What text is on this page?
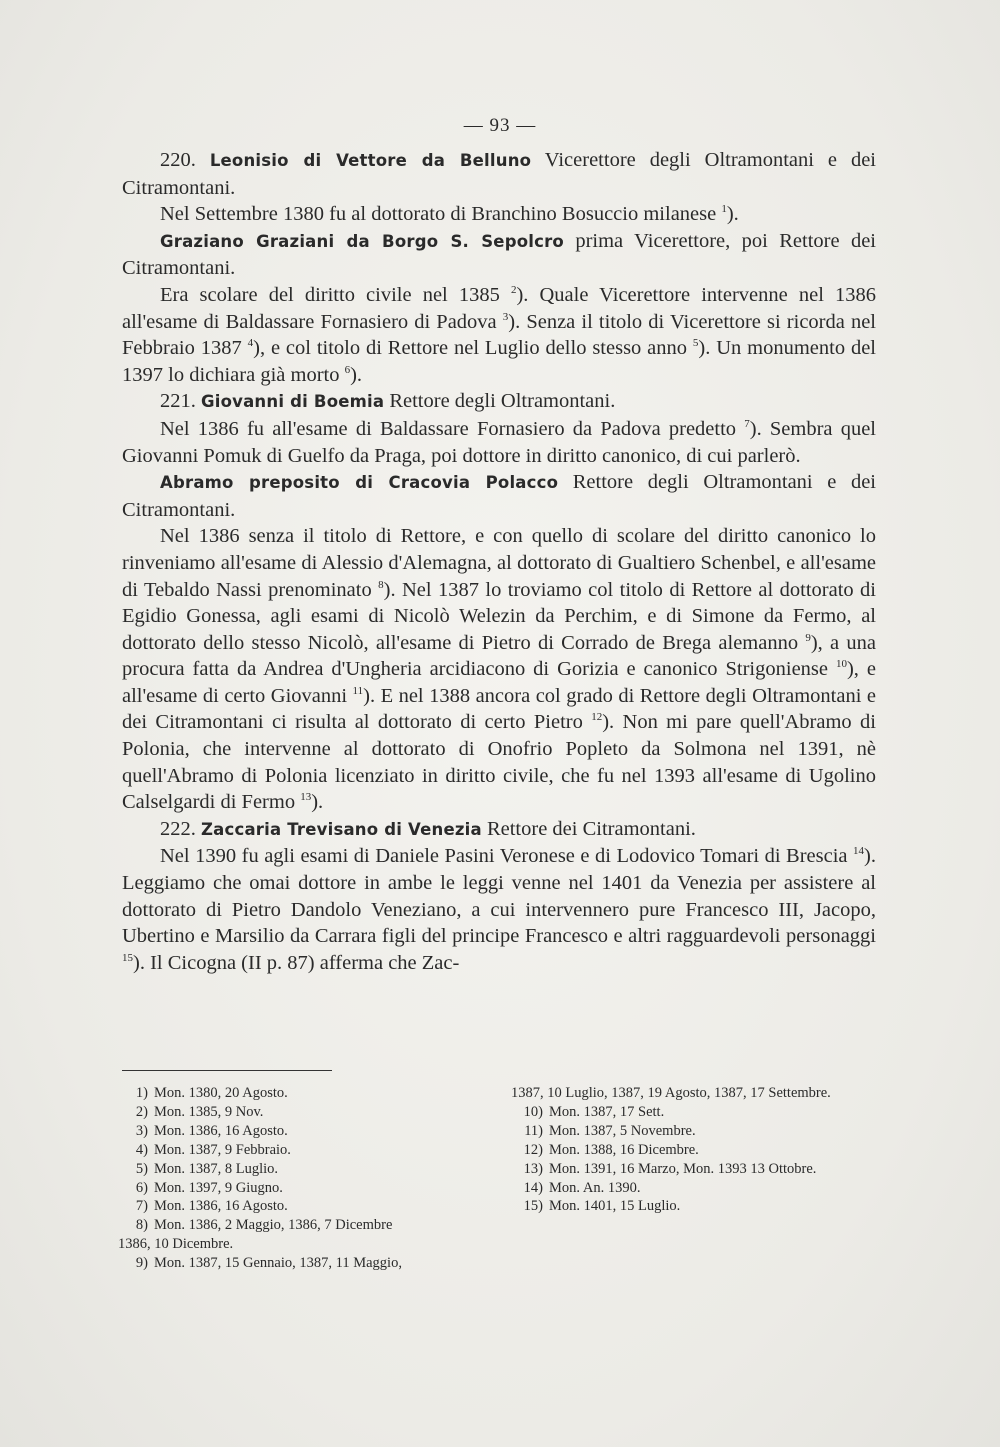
— 93 —

220. Leonisio di Vettore da Belluno Vicerettore degli Oltramontani e dei Citramontani.

Nel Settembre 1380 fu al dottorato di Branchino Bosuccio milanese $^1$).

Graziano Graziani da Borgo S. Sepolcro prima Vicerettore, poi Rettore dei Citramontani.

Era scolare del diritto civile nel 1385 $^2$). Quale Vicerettore intervenne nel 1386 all'esame di Baldassare Fornasiero di Padova $^3$). Senza il titolo di Vicerettore si ricorda nel Febbraio 1387 $^4$), e col titolo di Rettore nel Luglio dello stesso anno $^5$). Un monumento del 1397 lo dichiara già morto $^6$).

221. Giovanni di Boemia Rettore degli Oltramontani.

Nel 1386 fu all'esame di Baldassare Fornasiero da Padova predetto $^7$). Sembra quel Giovanni Pomuk di Guelfo da Praga, poi dottore in diritto canonico, di cui parlerò.

Abramo preposito di Cracovia Polacco Rettore degli Oltramontani e dei Citramontani.

Nel 1386 senza il titolo di Rettore, e con quello di scolare del diritto canonico lo rinveniamo all'esame di Alessio d'Alemagna, al dottorato di Gualtiero Schenbel, e all'esame di Tebaldo Nassi prenominato $^8$). Nel 1387 lo troviamo col titolo di Rettore al dottorato di Egidio Gonessa, agli esami di Nicolò Welezin da Perchim, e di Simone da Fermo, al dottorato dello stesso Nicolò, all'esame di Pietro di Corrado de Brega alemanno $^9$), a una procura fatta da Andrea d'Ungheria arcidiacono di Gorizia e canonico Strigoniense $^{10}$), e all'esame di certo Giovanni $^{11}$). E nel 1388 ancora col grado di Rettore degli Oltramontani e dei Citramontani ci risulta al dottorato di certo Pietro $^{12}$). Non mi pare quell'Abramo di Polonia, che intervenne al dottorato di Onofrio Popleto da Solmona nel 1391, nè quell'Abramo di Polonia licenziato in diritto civile, che fu nel 1393 all'esame di Ugolino Calselgardi di Fermo $^{13}$).

222. Zaccaria Trevisano di Venezia Rettore dei Citramontani.

Nel 1390 fu agli esami di Daniele Pasini Veronese e di Lodovico Tomari di Brescia $^{14}$). Leggiamo che omai dottore in ambe le leggi venne nel 1401 da Venezia per assistere al dottorato di Pietro Dandolo Veneziano, a cui intervennero pure Francesco III, Jacopo, Ubertino e Marsilio da Carrara figli del principe Francesco e altri ragguardevoli personaggi $^{15}$). Il Cicogna (II p. 87) afferma che Zac-

1) Mon. 1380, 20 Agosto.
2) Mon. 1385, 9 Nov.
3) Mon. 1386, 16 Agosto.
4) Mon. 1387, 9 Febbraio.
5) Mon. 1387, 8 Luglio.
6) Mon. 1397, 9 Giugno.
7) Mon. 1386, 16 Agosto.
8) Mon. 1386, 2 Maggio, 1386, 7 Dicembre
1386, 10 Dicembre.
9) Mon. 1387, 15 Gennaio, 1387, 11 Maggio,
1387, 10 Luglio, 1387, 19 Agosto, 1387, 17 Settembre.
10) Mon. 1387, 17 Sett.
11) Mon. 1387, 5 Novembre.
12) Mon. 1388, 16 Dicembre.
13) Mon. 1391, 16 Marzo, Mon. 1393 13 Ottobre.
14) Mon. An. 1390.
15) Mon. 1401, 15 Luglio.
